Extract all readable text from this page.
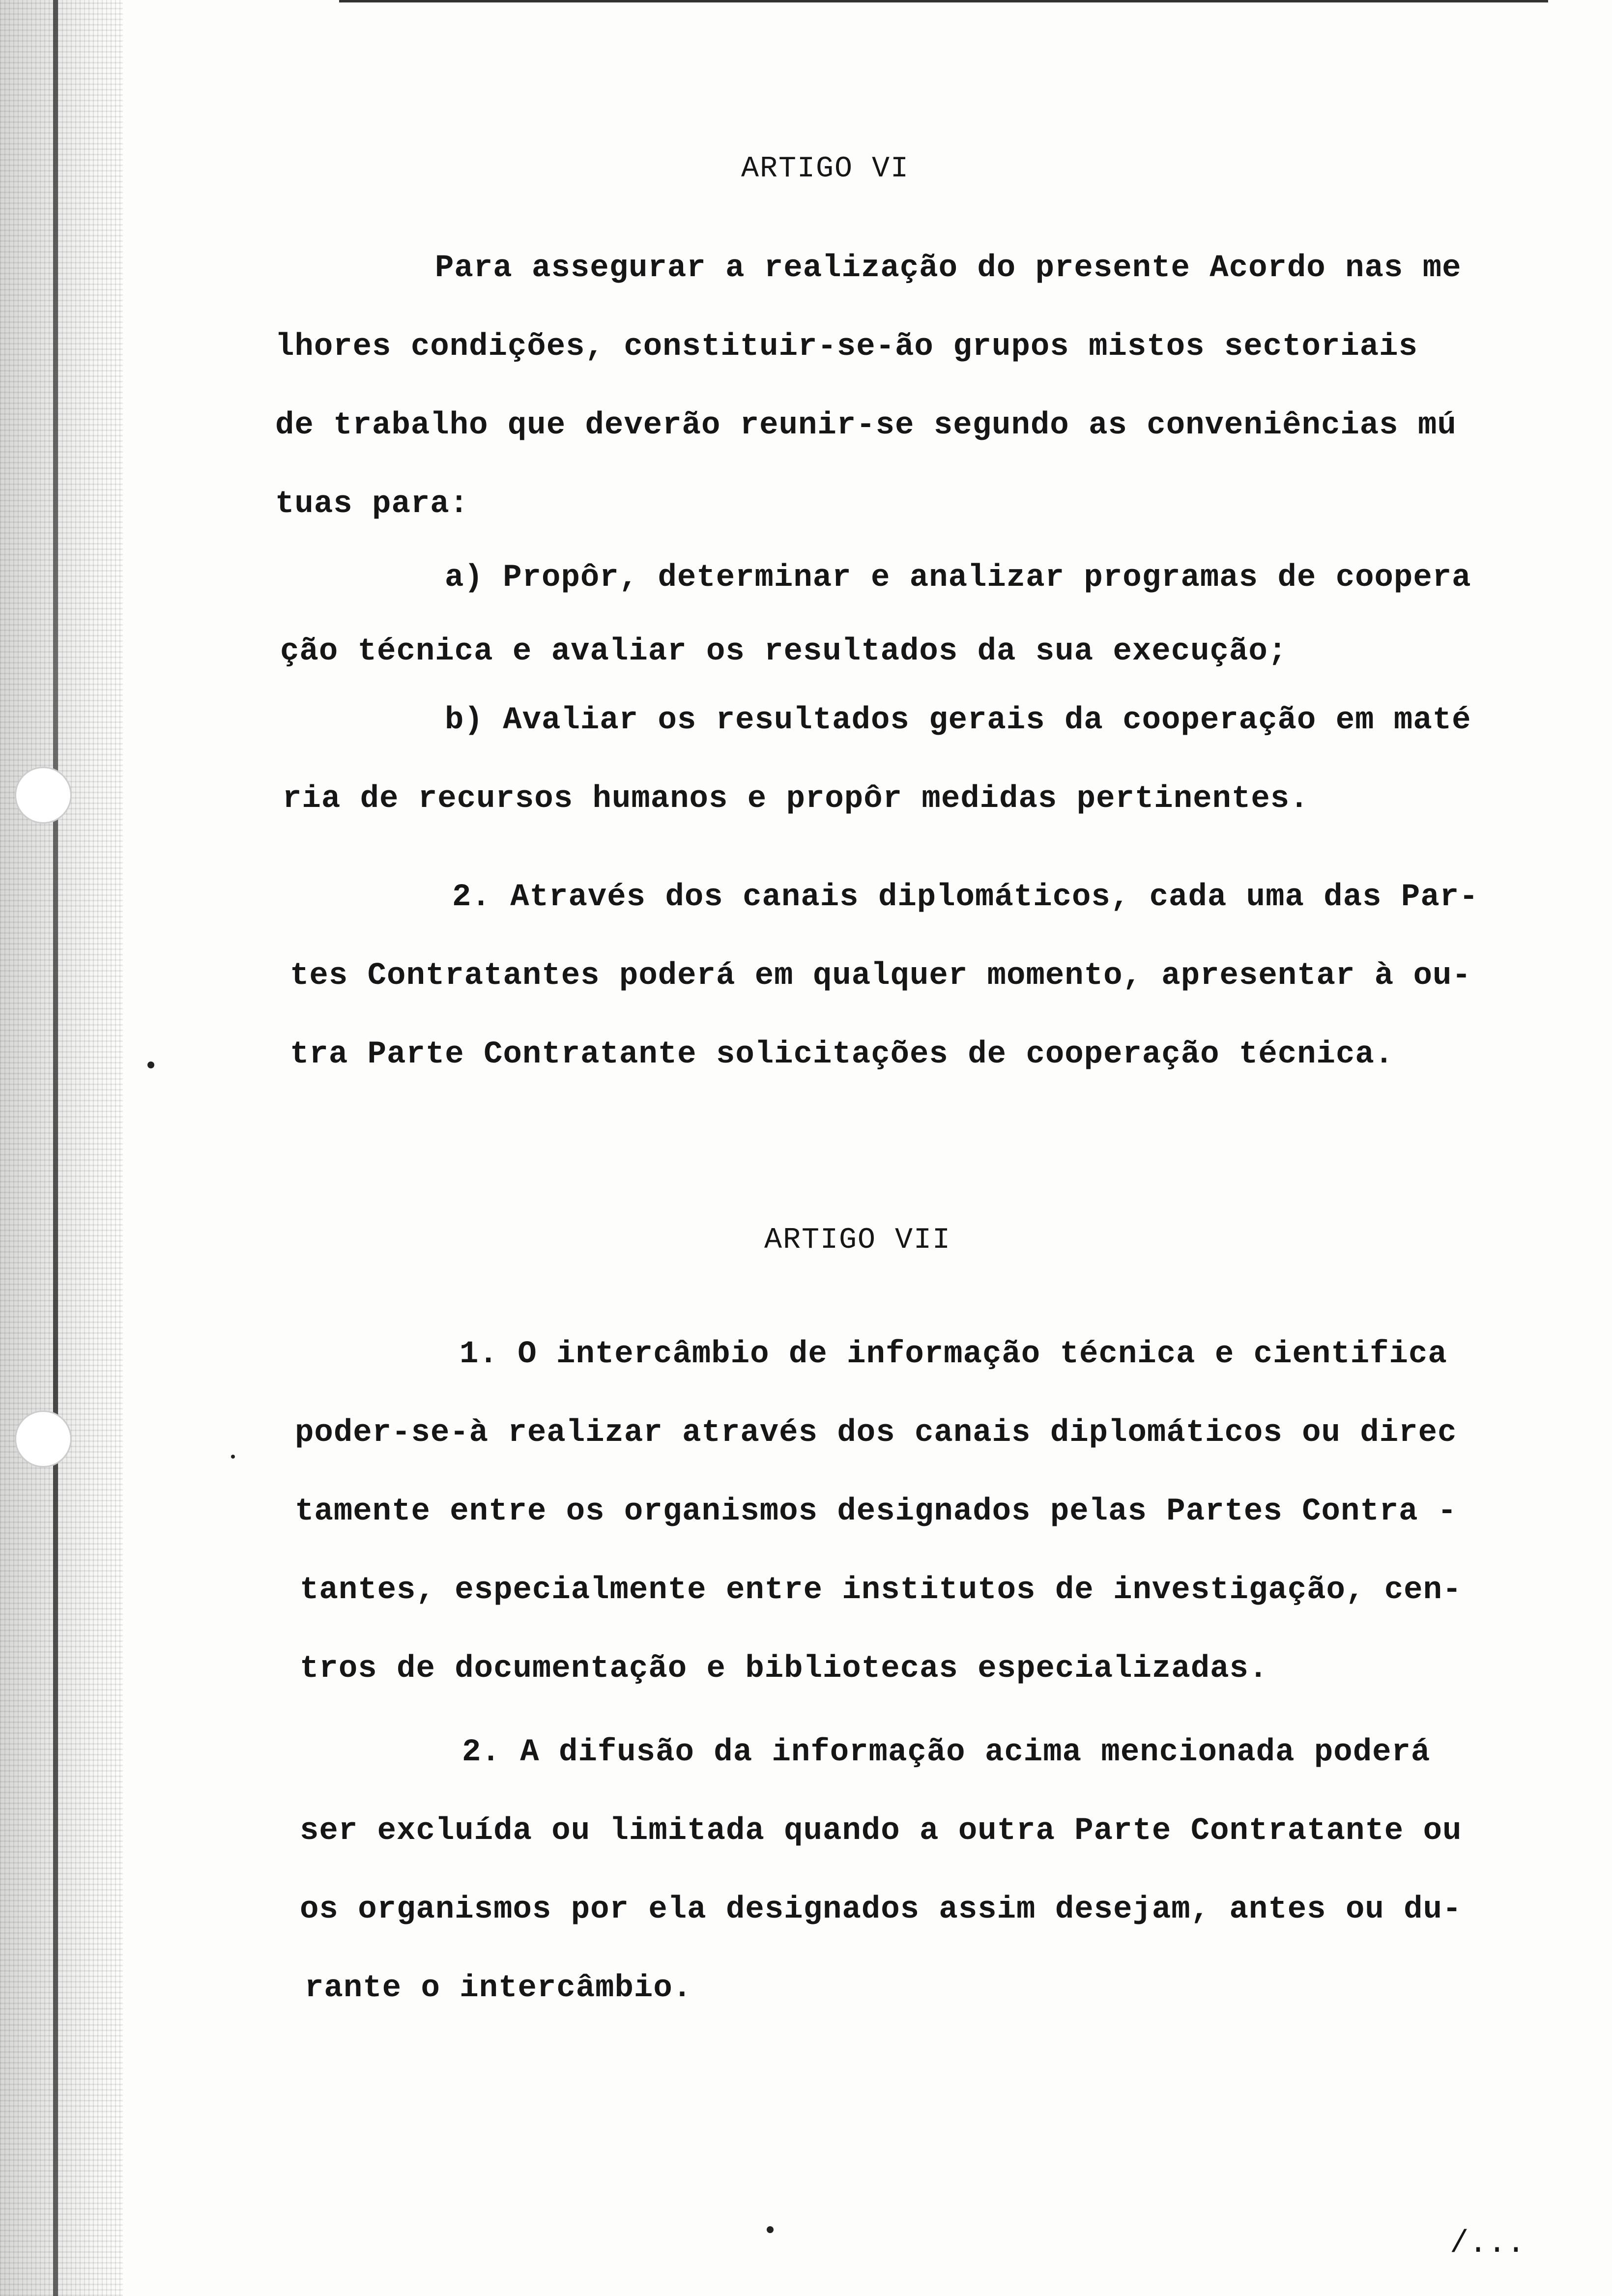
ARTIGO VI
Para assegurar a realização do presente Acordo nas me
lhores condições, constituir-se-ão grupos mistos sectoriais
de trabalho que deverão reunir-se segundo as conveniências mú
tuas para:
a) Propôr, determinar e analizar programas de coopera
ção técnica e avaliar os resultados da sua execução;
b) Avaliar os resultados gerais da cooperação em maté
ria de recursos humanos e propôr medidas pertinentes.
2. Através dos canais diplomáticos, cada uma das Par-
tes Contratantes poderá em qualquer momento, apresentar à ou-
tra Parte Contratante solicitações de cooperação técnica.
ARTIGO VII
1. O intercâmbio de informação técnica e cientifica
poder-se-à realizar através dos canais diplomáticos ou direc
tamente entre os organismos designados pelas Partes Contra -
tantes, especialmente entre institutos de investigação, cen-
tros de documentação e bibliotecas especializadas.
2. A difusão da informação acima mencionada poderá
ser excluída ou limitada quando a outra Parte Contratante ou
os organismos por ela designados assim desejam, antes ou du-
rante o intercâmbio.
/...
